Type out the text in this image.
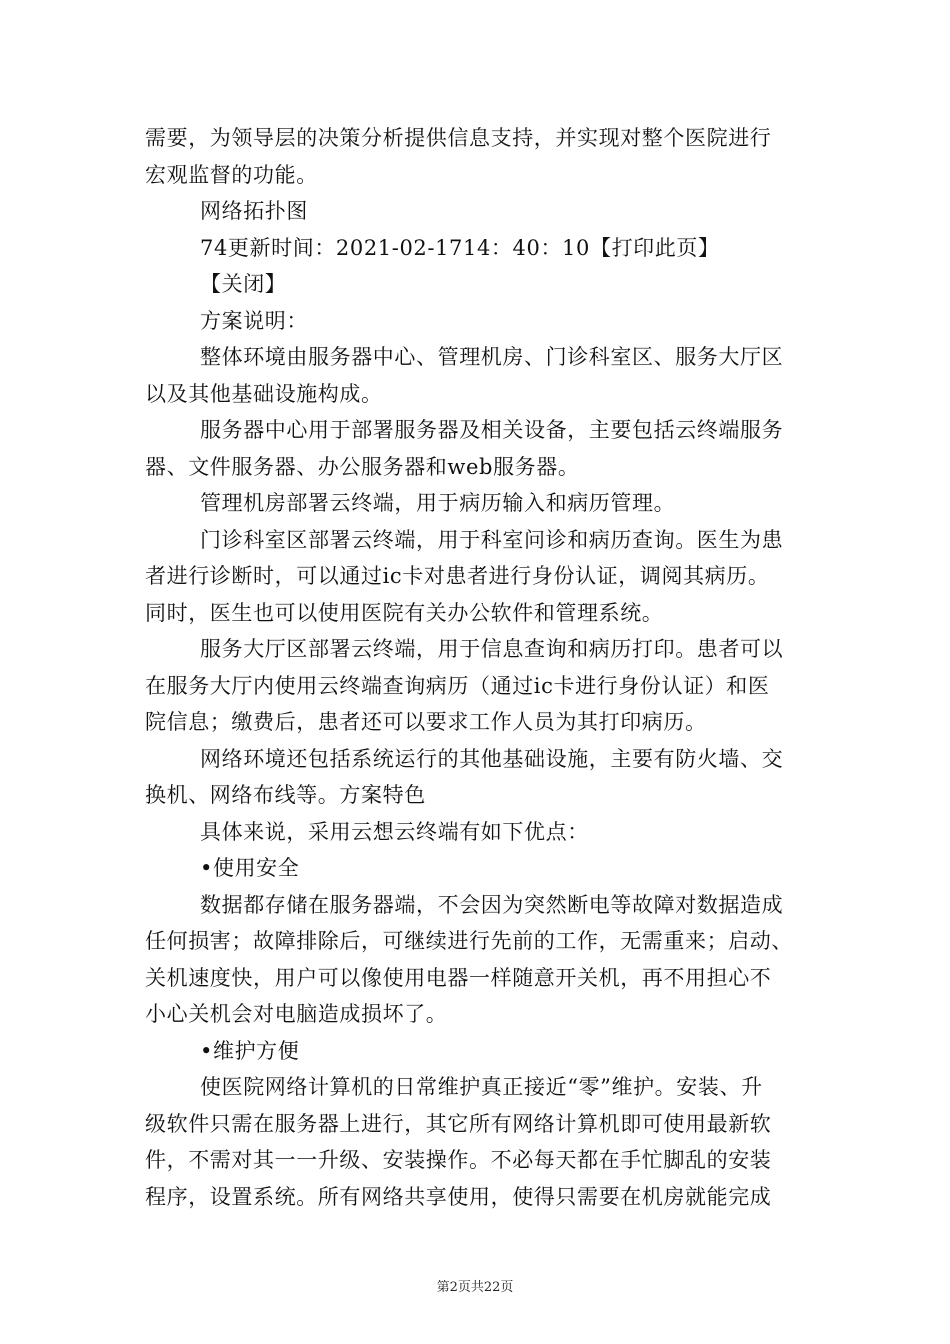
需要，为领导层的决策分析提供信息支持，并实现对整个医院进行
宏观监督的功能。
网络拓扑图
74更新时间：2021-02-1714：40：10【打印此页】
【关闭】
方案说明：
整体环境由服务器中心、管理机房、门诊科室区、服务大厅区
以及其他基础设施构成。
服务器中心用于部署服务器及相关设备，主要包括云终端服务
器、文件服务器、办公服务器和web服务器。
管理机房部署云终端，用于病历输入和病历管理。
门诊科室区部署云终端，用于科室问诊和病历查询。医生为患
者进行诊断时，可以通过ic卡对患者进行身份认证，调阅其病历。
同时，医生也可以使用医院有关办公软件和管理系统。
服务大厅区部署云终端，用于信息查询和病历打印。患者可以
在服务大厅内使用云终端查询病历（通过ic卡进行身份认证）和医
院信息；缴费后，患者还可以要求工作人员为其打印病历。
网络环境还包括系统运行的其他基础设施，主要有防火墙、交
换机、网络布线等。方案特色
具体来说，采用云想云终端有如下优点：
•使用安全
数据都存储在服务器端，不会因为突然断电等故障对数据造成
任何损害；故障排除后，可继续进行先前的工作，无需重来；启动、
关机速度快，用户可以像使用电器一样随意开关机，再不用担心不
小心关机会对电脑造成损坏了。
•维护方便
使医院网络计算机的日常维护真正接近“零”维护。安装、升
级软件只需在服务器上进行，其它所有网络计算机即可使用最新软
件，不需对其一一升级、安装操作。不必每天都在手忙脚乱的安装
程序，设置系统。所有网络共享使用，使得只需要在机房就能完成
第2页共22页
